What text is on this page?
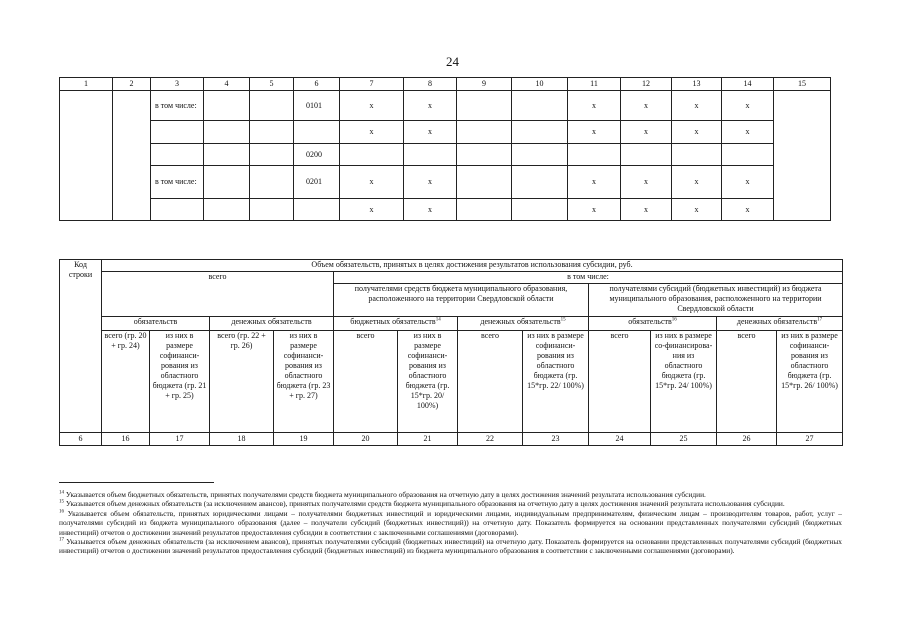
24
1	2	3	4	5	6	7	8	9	10	11	12	13	14	15
		в том числе:			0101	x	x			x	x	x	x	
						x	x			x	x	x	x	
					0200									
		в том числе:			0201	x	x			x	x	x	x	
						x	x			x	x	x	x	
Код строки	Объем обязательств, принятых в целях достижения результатов использования субсидии, руб.											
	всего				в том числе:							
					получателями средств бюджета муниципального образования, расположенного на территории Свердловской области				получателями субсидий (бюджетных инвестиций) из бюджета муниципального образования, расположенного на территории Свердловской области			
	обязательств		денежных обязательств		бюджетных обязательств$^{14}$		денежных обязательств$^{15}$		обязательств$^{16}$		денежных обязательств$^{17}$
	всего (гр. 20 + гр. 24)	из них в размере софинанси-рования из областного бюджета (гр. 21 + гр. 25)	всего (гр. 22 + гр. 26)	из них в размере софинанси-рования из областного бюджета (гр. 23 + гр. 27)	всего	из них в размере софинанси-рования из областного бюджета (гр. 15*гр. 20/ 100%)	всего	из них в размере софинанси-рования из областного бюджета (гр. 15*гр. 22/ 100%)	всего	из них в размере со-финансирова-ния из областного бюджета (гр. 15*гр. 24/ 100%)	всего	из них в размере софинанси-рования из областного бюджета (гр. 15*гр. 26/ 100%)
6	16	17	18	19	20	21	22	23	24	25	26	27

$^{14}$ Указывается объем бюджетных обязательств, принятых получателями средств бюджета муниципального образования на отчетную дату в целях достижения значений результата использования субсидии.

$^{15}$ Указывается объем денежных обязательств (за исключением авансов), принятых получателями средств бюджета муниципального образования на отчетную дату в целях достижения значений результата использования субсидии.

$^{16}$ Указывается объем обязательств, принятых юридическими лицами – получателями бюджетных инвестиций и юридическими лицами, индивидуальным предпринимателям, физическим лицам – производителям товаров, работ, услуг – получателями субсидий из бюджета муниципального образования (далее – получатели субсидий (бюджетных инвестиций)) на отчетную дату. Показатель формируется на основании представленных получателями субсидий (бюджетных инвестиций) отчетов о достижении значений результатов предоставления субсидии в соответствии с заключенными соглашениями (договорами).

$^{17}$ Указывается объем денежных обязательств (за исключением авансов), принятых получателями субсидий (бюджетных инвестиций) на отчетную дату. Показатель формируется на основании представленных получателями субсидий (бюджетных инвестиций) отчетов о достижении значений результатов предоставления субсидий (бюджетных инвестиций) из бюджета муниципального образования в соответствии с заключенными соглашениями (договорами).
